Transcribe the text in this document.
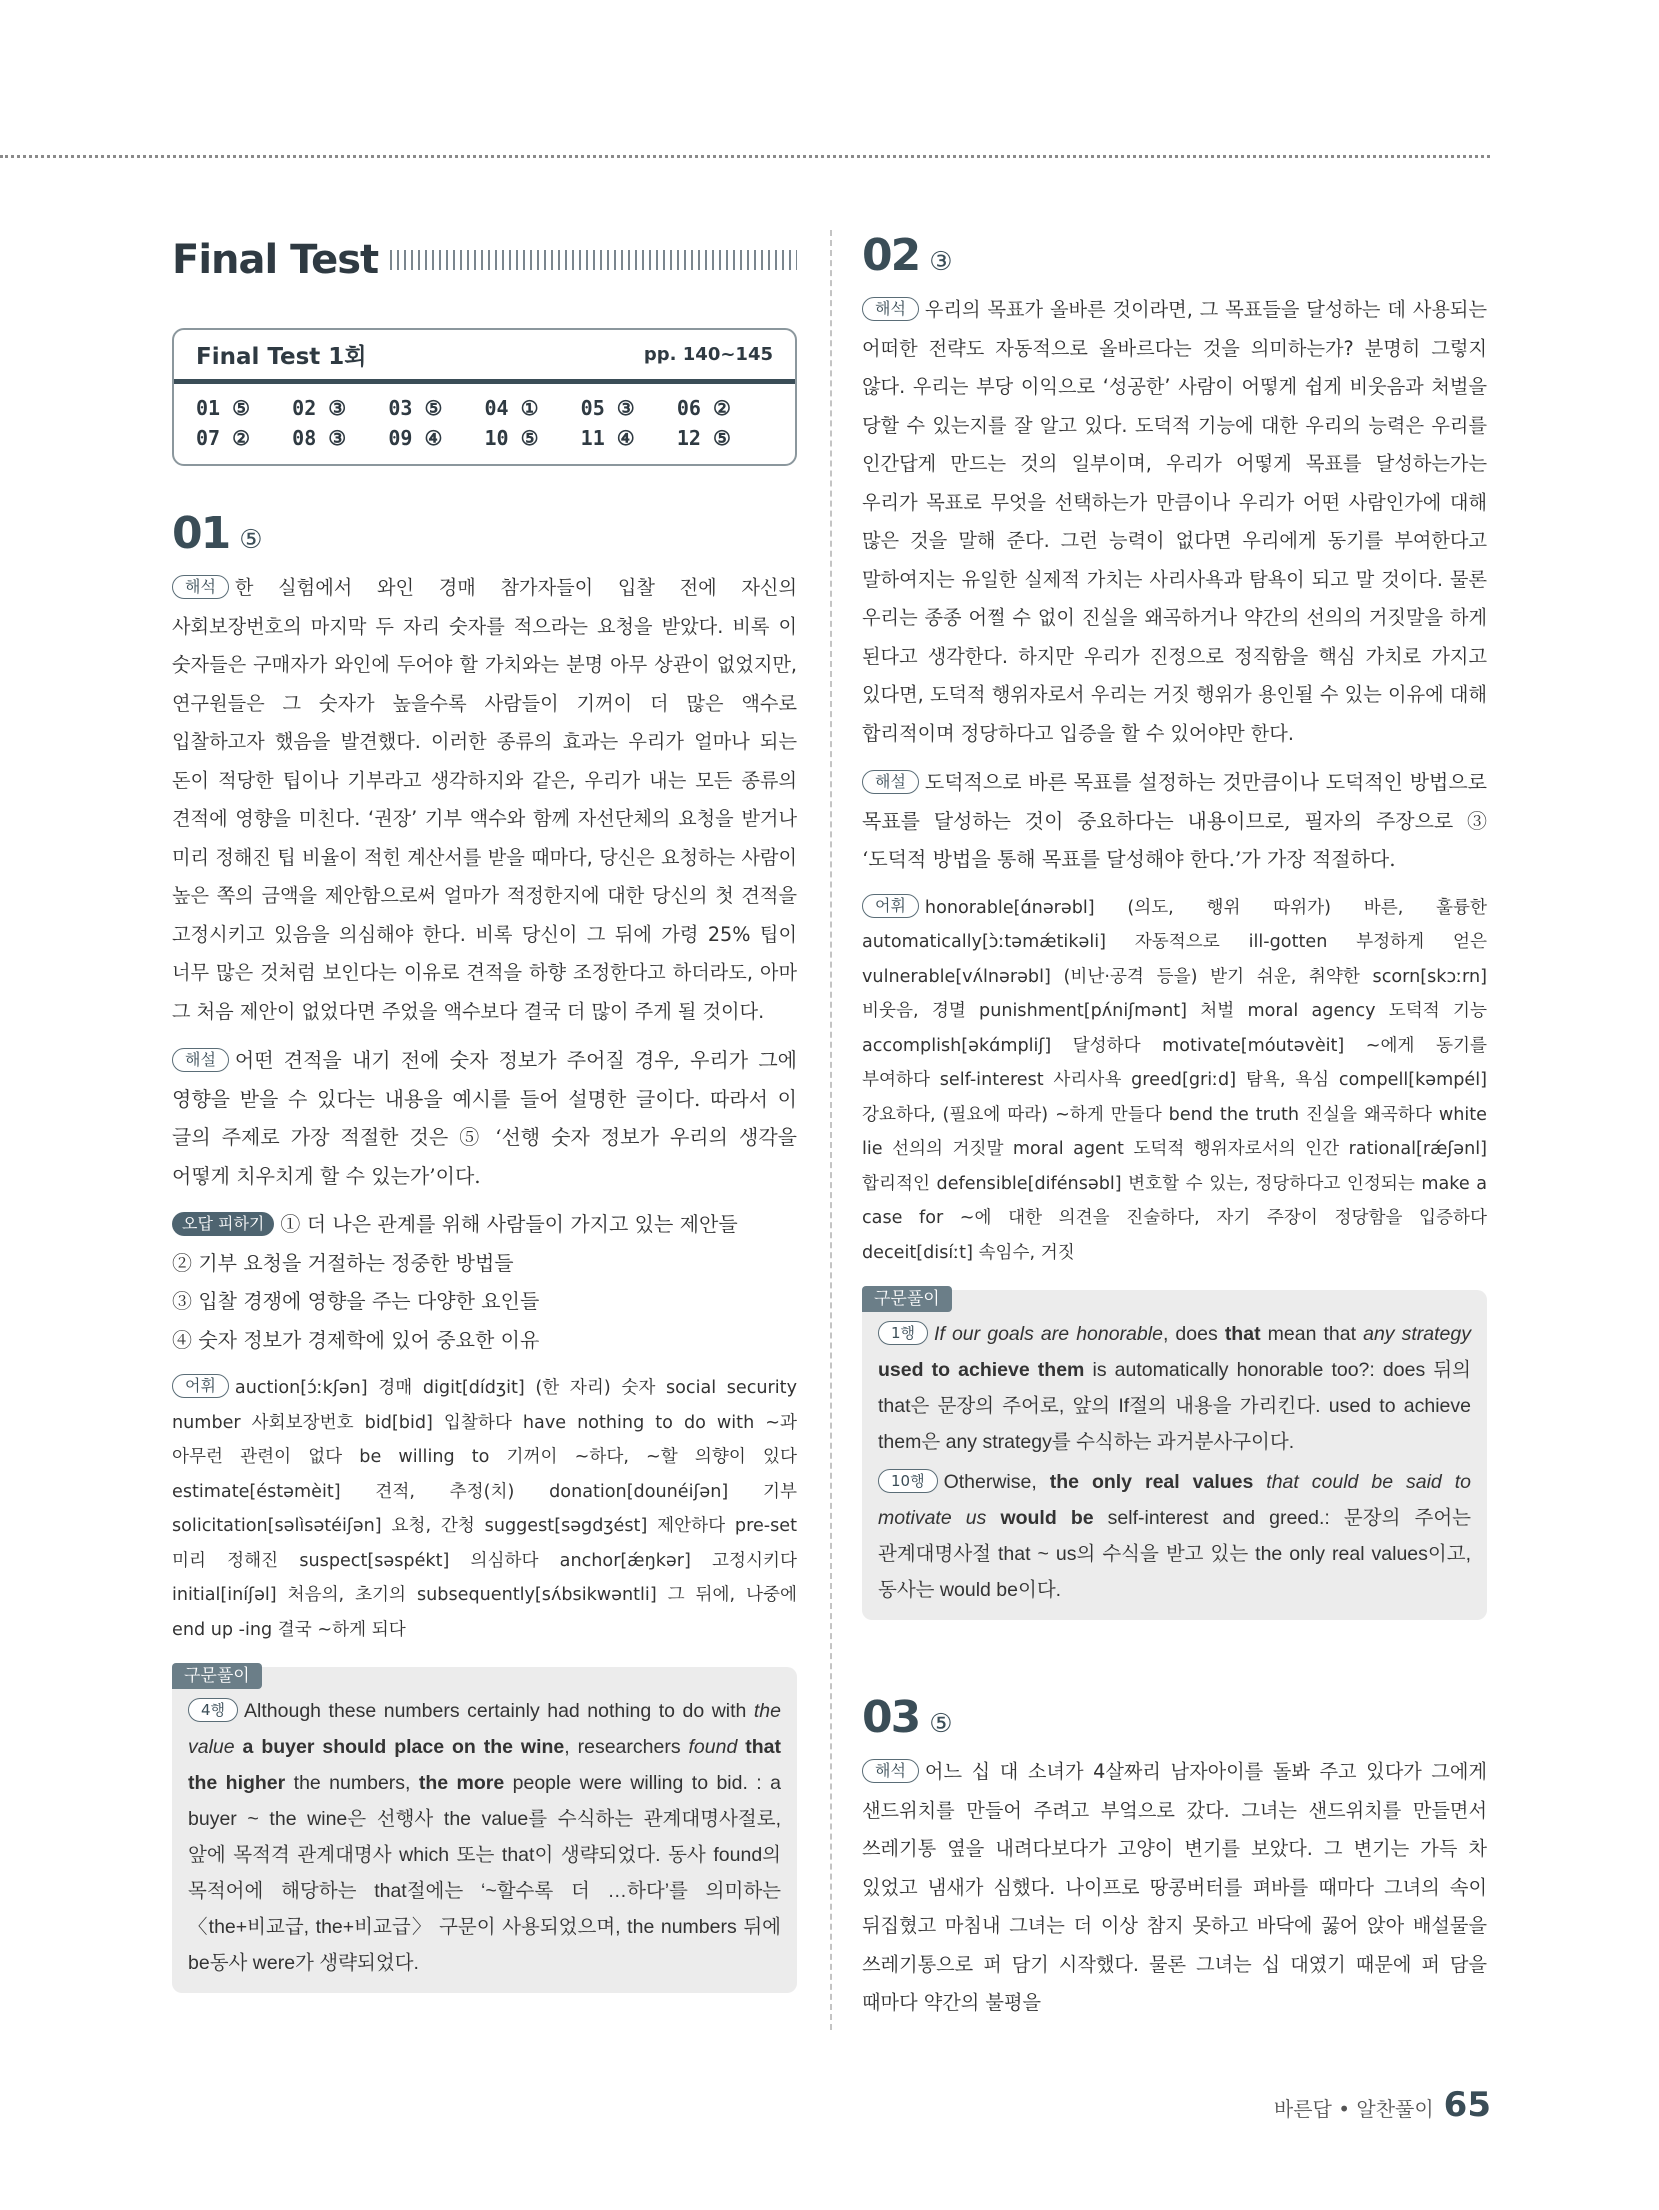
Final Test
Final Test 1회	pp. 140~145
01 ⑤	02 ③	03 ⑤	04 ①	05 ③	06 ②
07 ②	08 ③	09 ④	10 ⑤	11 ④	12 ⑤
01 ⑤
해석 한 실험에서 와인 경매 참가자들이 입찰 전에 자신의 사회보장번호의 마지막 두 자리 숫자를 적으라는 요청을 받았다. 비록 이 숫자들은 구매자가 와인에 두어야 할 가치와는 분명 아무 상관이 없었지만, 연구원들은 그 숫자가 높을수록 사람들이 기꺼이 더 많은 액수로 입찰하고자 했음을 발견했다. 이러한 종류의 효과는 우리가 얼마나 되는 돈이 적당한 팁이나 기부라고 생각하지와 같은, 우리가 내는 모든 종류의 견적에 영향을 미친다. ‘권장’ 기부 액수와 함께 자선단체의 요청을 받거나 미리 정해진 팁 비율이 적힌 계산서를 받을 때마다, 당신은 요청하는 사람이 높은 쪽의 금액을 제안함으로써 얼마가 적정한지에 대한 당신의 첫 견적을 고정시키고 있음을 의심해야 한다. 비록 당신이 그 뒤에 가령 25% 팁이 너무 많은 것처럼 보인다는 이유로 견적을 하향 조정한다고 하더라도, 아마 그 처음 제안이 없었다면 주었을 액수보다 결국 더 많이 주게 될 것이다.
해설 어떤 견적을 내기 전에 숫자 정보가 주어질 경우, 우리가 그에 영향을 받을 수 있다는 내용을 예시를 들어 설명한 글이다. 따라서 이 글의 주제로 가장 적절한 것은 ⑤ ‘선행 숫자 정보가 우리의 생각을 어떻게 치우치게 할 수 있는가’이다.
오답 피하기 ① 더 나은 관계를 위해 사람들이 가지고 있는 제안들
② 기부 요청을 거절하는 정중한 방법들
③ 입찰 경쟁에 영향을 주는 다양한 요인들
④ 숫자 정보가 경제학에 있어 중요한 이유
어휘 auction[ɔ́ːkʃən] 경매 digit[dídʒit] (한 자리) 숫자 social security number 사회보장번호 bid[bid] 입찰하다 have nothing to do with ~과 아무런 관련이 없다 be willing to 기꺼이 ~하다, ~할 의향이 있다 estimate[éstəmèit] 견적, 추정(치) donation[dounéiʃən] 기부 solicitation[səlìsətéiʃən] 요청, 간청 suggest[səgdʒést] 제안하다 pre-set 미리 정해진 suspect[səspékt] 의심하다 anchor[ǽŋkər] 고정시키다 initial[iníʃəl] 처음의, 초기의 subsequently[sʌ́bsikwəntli] 그 뒤에, 나중에 end up -ing 결국 ~하게 되다
구문풀이
4행 Although these numbers certainly had nothing to do with the value a buyer should place on the wine, researchers found that the higher the numbers, the more people were willing to bid. : a buyer ~ the wine은 선행사 the value를 수식하는 관계대명사절로, 앞에 목적격 관계대명사 which 또는 that이 생략되었다. 동사 found의 목적어에 해당하는 that절에는 ‘~할수록 더 …하다’를 의미하는 〈the+비교급, the+비교급〉 구문이 사용되었으며, the numbers 뒤에 be동사 were가 생략되었다.
02 ③
해석 우리의 목표가 올바른 것이라면, 그 목표들을 달성하는 데 사용되는 어떠한 전략도 자동적으로 올바르다는 것을 의미하는가? 분명히 그렇지 않다. 우리는 부당 이익으로 ‘성공한’ 사람이 어떻게 쉽게 비웃음과 처벌을 당할 수 있는지를 잘 알고 있다. 도덕적 기능에 대한 우리의 능력은 우리를 인간답게 만드는 것의 일부이며, 우리가 어떻게 목표를 달성하는가는 우리가 목표로 무엇을 선택하는가 만큼이나 우리가 어떤 사람인가에 대해 많은 것을 말해 준다. 그런 능력이 없다면 우리에게 동기를 부여한다고 말하여지는 유일한 실제적 가치는 사리사욕과 탐욕이 되고 말 것이다. 물론 우리는 종종 어쩔 수 없이 진실을 왜곡하거나 약간의 선의의 거짓말을 하게 된다고 생각한다. 하지만 우리가 진정으로 정직함을 핵심 가치로 가지고 있다면, 도덕적 행위자로서 우리는 거짓 행위가 용인될 수 있는 이유에 대해 합리적이며 정당하다고 입증을 할 수 있어야만 한다.
해설 도덕적으로 바른 목표를 설정하는 것만큼이나 도덕적인 방법으로 목표를 달성하는 것이 중요하다는 내용이므로, 필자의 주장으로 ③ ‘도덕적 방법을 통해 목표를 달성해야 한다.’가 가장 적절하다.
어휘 honorable[ɑ́nərəbl] (의도, 행위 따위가) 바른, 훌륭한 automatically[ɔ̀ːtəmǽtikəli] 자동적으로 ill-gotten 부정하게 얻은 vulnerable[vʌ́lnərəbl] (비난·공격 등을) 받기 쉬운, 취약한 scorn[skɔːrn] 비웃음, 경멸 punishment[pʌ́niʃmənt] 처벌 moral agency 도덕적 기능 accomplish[əkɑ́mpliʃ] 달성하다 motivate[móutəvèit] ~에게 동기를 부여하다 self-interest 사리사욕 greed[griːd] 탐욕, 욕심 compell[kəmpél] 강요하다, (필요에 따라) ~하게 만들다 bend the truth 진실을 왜곡하다 white lie 선의의 거짓말 moral agent 도덕적 행위자로서의 인간 rational[rǽʃənl] 합리적인 defensible[difénsəbl] 변호할 수 있는, 정당하다고 인정되는 make a case for ~에 대한 의견을 진술하다, 자기 주장이 정당함을 입증하다 deceit[disíːt] 속임수, 거짓
구문풀이
1행 If our goals are honorable, does that mean that any strategy used to achieve them is automatically honorable too?: does 뒤의 that은 문장의 주어로, 앞의 If절의 내용을 가리킨다. used to achieve them은 any strategy를 수식하는 과거분사구이다.
10행 Otherwise, the only real values that could be said to motivate us would be self-interest and greed.: 문장의 주어는 관계대명사절 that ~ us의 수식을 받고 있는 the only real values이고, 동사는 would be이다.
03 ⑤
해석 어느 십 대 소녀가 4살짜리 남자아이를 돌봐 주고 있다가 그에게 샌드위치를 만들어 주려고 부엌으로 갔다. 그녀는 샌드위치를 만들면서 쓰레기통 옆을 내려다보다가 고양이 변기를 보았다. 그 변기는 가득 차 있었고 냄새가 심했다. 나이프로 땅콩버터를 펴바를 때마다 그녀의 속이 뒤집혔고 마침내 그녀는 더 이상 참지 못하고 바닥에 꿇어 앉아 배설물을 쓰레기통으로 퍼 담기 시작했다. 물론 그녀는 십 대였기 때문에 퍼 담을 때마다 약간의 불평을
바른답 • 알찬풀이 65
